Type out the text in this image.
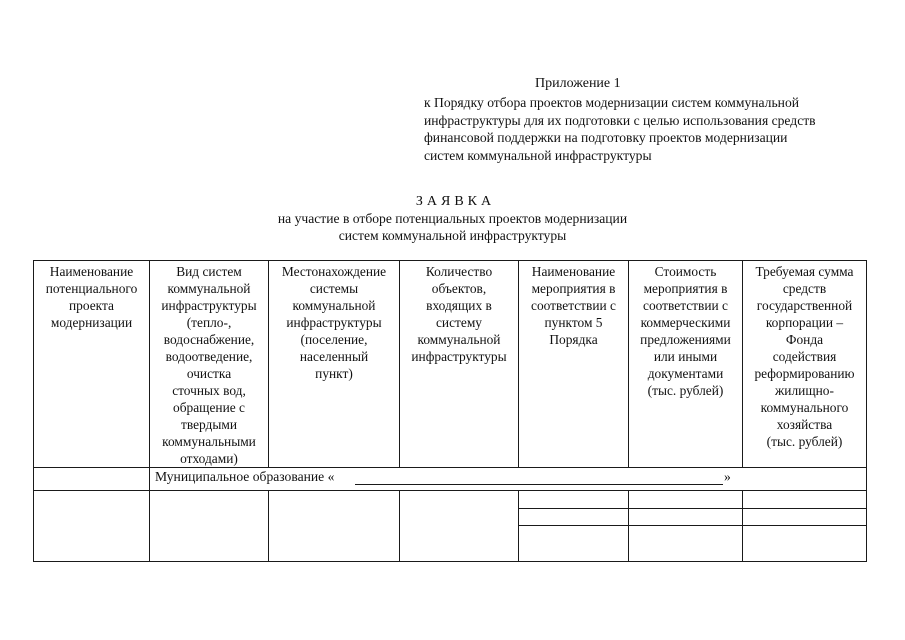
Приложение 1
к Порядку отбора проектов модернизации систем коммунальной
инфраструктуры для их подготовки с целью использования средств
финансовой поддержки на подготовку проектов модернизации
систем коммунальной инфраструктуры
ЗАЯВКА
на участие в отборе потенциальных проектов модернизации
систем коммунальной инфраструктуры
Наименование
потенциального
проекта
модернизации
Вид систем
коммунальной
инфраструктуры
(тепло-,
водоснабжение,
водоотведение,
очистка
сточных вод,
обращение с
твердыми
коммунальными
отходами)
Местонахождение
системы
коммунальной
инфраструктуры
(поселение,
населенный
пункт)
Количество
объектов,
входящих в
систему
коммунальной
инфраструктуры
Наименование
мероприятия в
соответствии с
пунктом 5
Порядка
Стоимость
мероприятия в
соответствии с
коммерческими
предложениями
или иными
документами
(тыс. рублей)
Требуемая сумма
средств
государственной
корпорации –
Фонда
содействия
реформированию
жилищно-
коммунального
хозяйства
(тыс. рублей)
Муниципальное образование «	»
